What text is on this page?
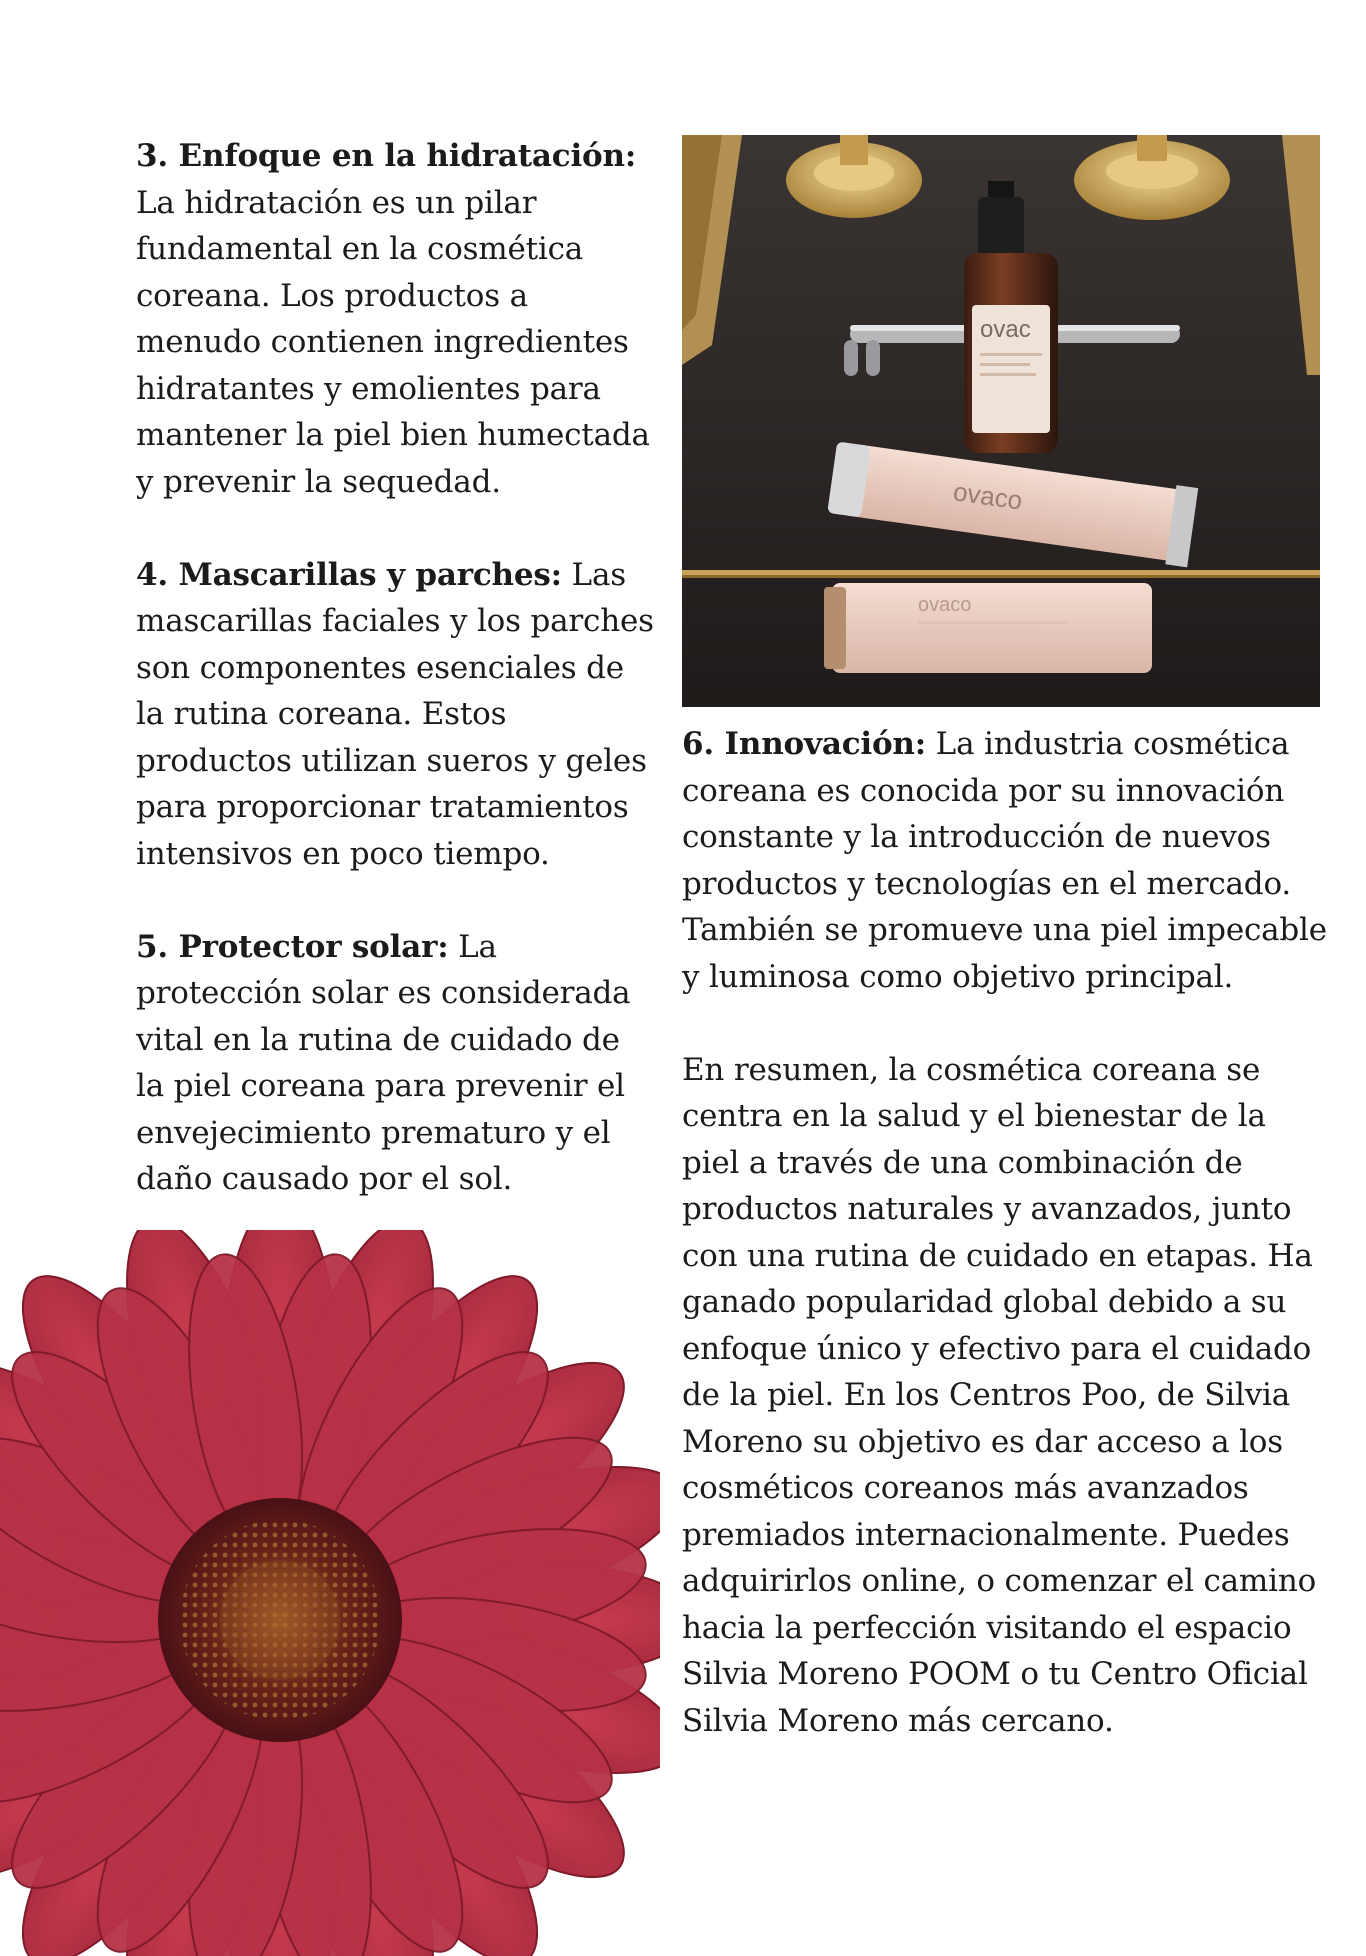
3. Enfoque en la hidratación: La hidratación es un pilar fundamental en la cosmética coreana. Los productos a menudo contienen ingredientes hidratantes y emolientes para mantener la piel bien humectada y prevenir la sequedad.

4. Mascarillas y parches: Las mascarillas faciales y los parches son componentes esenciales de la rutina coreana. Estos productos utilizan sueros y geles para proporcionar tratamientos intensivos en poco tiempo.

5. Protector solar: La protección solar es considerada vital en la rutina de cuidado de la piel coreana para prevenir el envejecimiento prematuro y el daño causado por el sol.

ovac
ovaco
ovaco

6. Innovación: La industria cosmética coreana es conocida por su innovación constante y la introducción de nuevos productos y tecnologías en el mercado. También se promueve una piel impecable y luminosa como objetivo principal.

En resumen, la cosmética coreana se centra en la salud y el bienestar de la piel a través de una combinación de productos naturales y avanzados, junto con una rutina de cuidado en etapas. Ha ganado popularidad global debido a su enfoque único y efectivo para el cuidado de la piel. En los Centros Poo, de Silvia Moreno su objetivo es dar acceso a los cosméticos coreanos más avanzados premiados internacionalmente. Puedes adquirirlos online, o comenzar el camino hacia la perfección visitando el espacio Silvia Moreno POOM o tu Centro Oficial Silvia Moreno más cercano.
